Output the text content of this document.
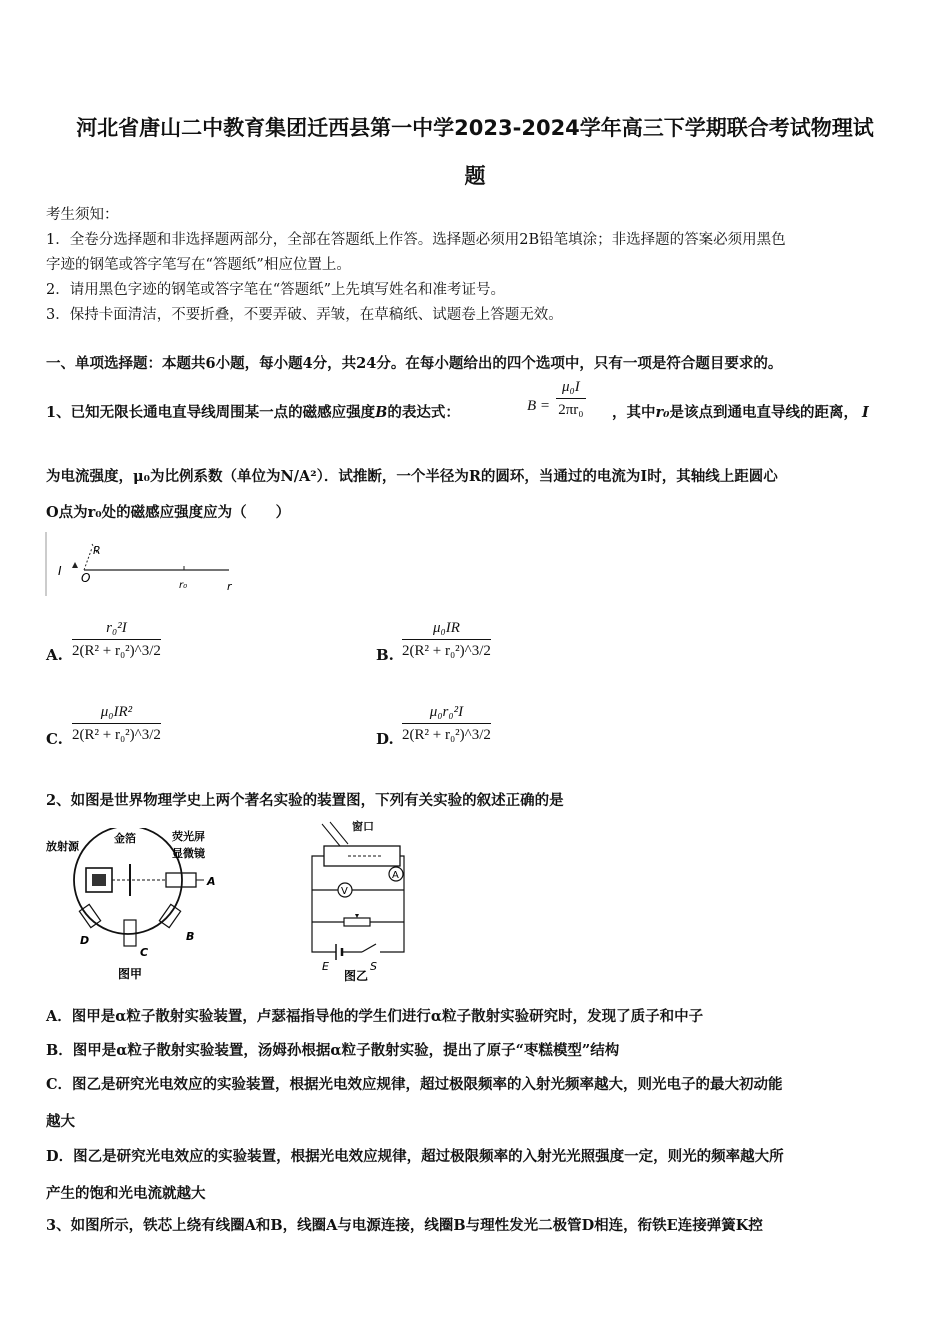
河北省唐山二中教育集团迁西县第一中学2023-2024学年高三下学期联合考试物理试
题
考生须知：
1．全卷分选择题和非选择题两部分，全部在答题纸上作答。选择题必须用2B铅笔填涂；非选择题的答案必须用黑色
字迹的钢笔或答字笔写在“答题纸”相应位置上。
2．请用黑色字迹的钢笔或答字笔在“答题纸”上先填写姓名和准考证号。
3．保持卡面清洁，不要折叠，不要弄破、弄皱，在草稿纸、试题卷上答题无效。
一、单项选择题：本题共6小题，每小题4分，共24分。在每小题给出的四个选项中，只有一项是符合题目要求的。
1、已知无限长通电直导线周围某一点的磁感应强度B的表达式：	B =
μ₀I
2πr₀ ，其中r₀是该点到通电直导线的距离， I
为电流强度，μ₀为比例系数（单位为N/A²）．试推断，一个半径为R的圆环，当通过的电流为I时，其轴线上距圆心
O点为r₀处的磁感应强度应为（　　）
I O
R
r₀	r
A.
r₀²I
2(R² + r₀²)^3/2	B.
μ₀IR
2(R² + r₀²)^3/2
C.
μ₀IR²
2(R² + r₀²)^3/2	D.
μ₀r₀²I
2(R² + r₀²)^3/2
2、如图是世界物理学史上两个著名实验的装置图，下列有关实验的叙述正确的是
放射源
金箔	荧光屏
显微镜
A
B
C
D
图甲
V
A
E	S
图乙
窗口
A．图甲是α粒子散射实验装置，卢瑟福指导他的学生们进行α粒子散射实验研究时，发现了质子和中子
B．图甲是α粒子散射实验装置，汤姆孙根据α粒子散射实验，提出了原子“枣糕模型”结构
C．图乙是研究光电效应的实验装置，根据光电效应规律，超过极限频率的入射光频率越大，则光电子的最大初动能
越大
D．图乙是研究光电效应的实验装置，根据光电效应规律，超过极限频率的入射光光照强度一定，则光的频率越大所
产生的饱和光电流就越大
3、如图所示，铁芯上绕有线圈A和B，线圈A与电源连接，线圈B与理性发光二极管D相连，衔铁E连接弹簧K控
